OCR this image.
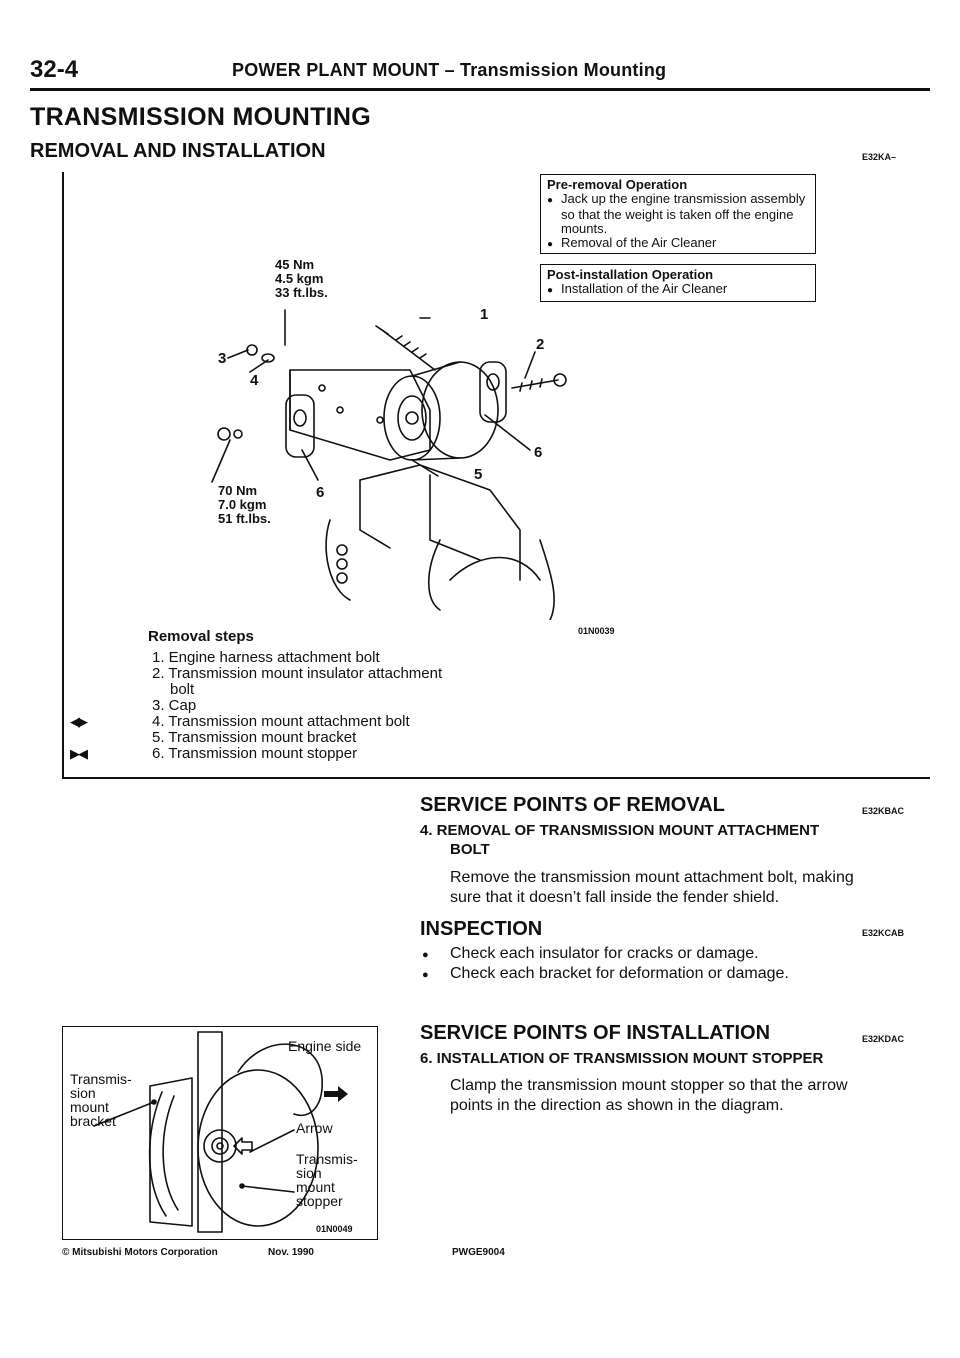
32-4	POWER PLANT MOUNT – Transmission Mounting
TRANSMISSION MOUNTING
REMOVAL AND INSTALLATION	E32KA–
Pre-removal Operation
● Jack up the engine transmission assembly so that the weight is taken off the engine mounts.
● Removal of the Air Cleaner
Post-installation Operation
● Installation of the Air Cleaner
45 Nm
4.5 kgm
33 ft.lbs.
70 Nm
7.0 kgm
51 ft.lbs.
1
2
3
4
5
6
6
01N0039
Removal steps
1. Engine harness attachment bolt
2. Transmission mount insulator attachment
bolt
3. Cap
◀▶	4. Transmission mount attachment bolt
5. Transmission mount bracket
▶◀	6. Transmission mount stopper
SERVICE POINTS OF REMOVAL	E32KBAC
4. REMOVAL OF TRANSMISSION MOUNT ATTACHMENT
BOLT
Remove the transmission mount attachment bolt, making
sure that it doesn’t fall inside the fender shield.
INSPECTION	E32KCAB
● Check each insulator for cracks or damage.
● Check each bracket for deformation or damage.
Engine side
Transmis-
sion
mount
bracket	Arrow
Transmis-
sion
mount
stopper
01N0049
SERVICE POINTS OF INSTALLATION	E32KDAC
6. INSTALLATION OF TRANSMISSION MOUNT STOPPER
Clamp the transmission mount stopper so that the arrow
points in the direction as shown in the diagram.
© Mitsubishi Motors Corporation	Nov. 1990	PWGE9004
